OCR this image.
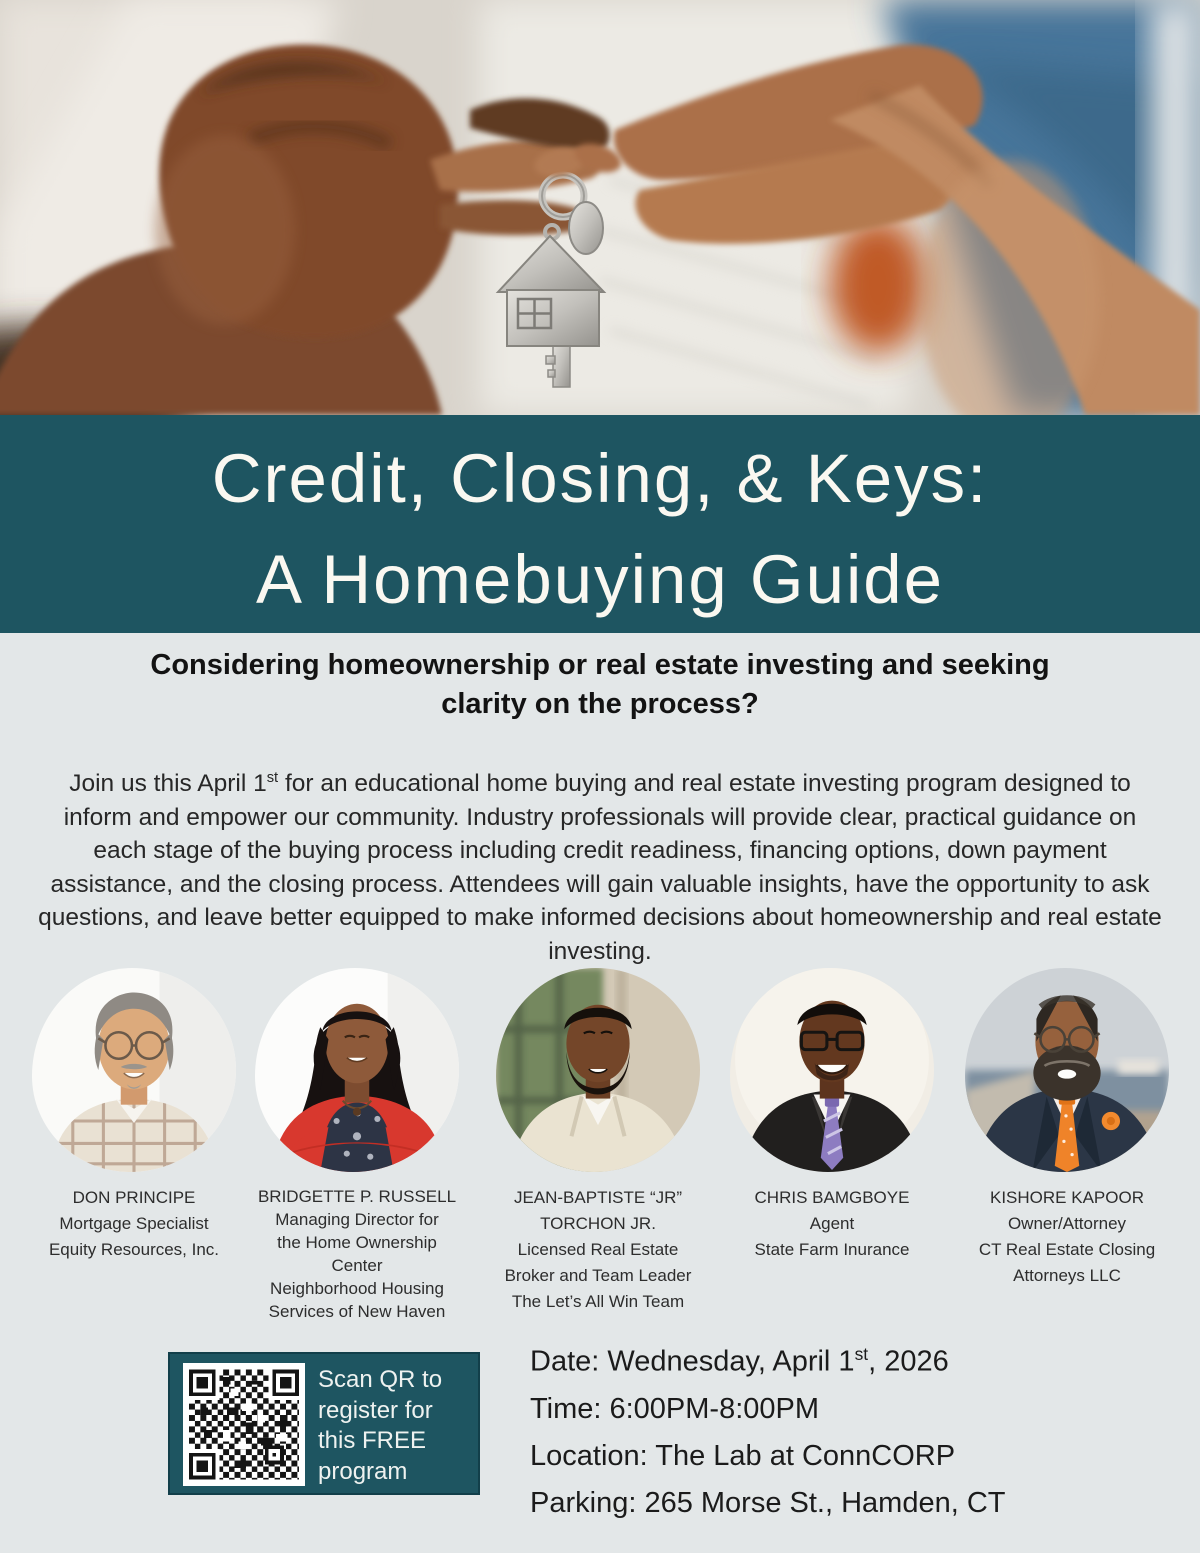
Credit, Closing, & Keys:
A Homebuying Guide
Considering homeownership or real estate investing and seeking
clarity on the process?

Join us this April 1st for an educational home buying and real estate investing program designed to inform and empower our community. Industry professionals will provide clear, practical guidance on each stage of the buying process including credit readiness, financing options, down payment assistance, and the closing process. Attendees will gain valuable insights, have the opportunity to ask questions, and leave better equipped to make informed decisions about homeownership and real estate investing.

DON PRINCIPE
Mortgage Specialist
Equity Resources, Inc.
BRIDGETTE P. RUSSELL
Managing Director for
the Home Ownership
Center
Neighborhood Housing
Services of New Haven
JEAN-BAPTISTE “JR” TORCHON JR.
Licensed Real Estate
Broker and Team Leader
The Let’s All Win Team
CHRIS BAMGBOYE
Agent
State Farm Inurance
KISHORE KAPOOR
Owner/Attorney
CT Real Estate Closing
Attorneys LLC
Scan QR to register for this FREE program
Date: Wednesday, April 1st, 2026
Time: 6:00PM-8:00PM
Location: The Lab at ConnCORP
Parking: 265 Morse St., Hamden, CT
